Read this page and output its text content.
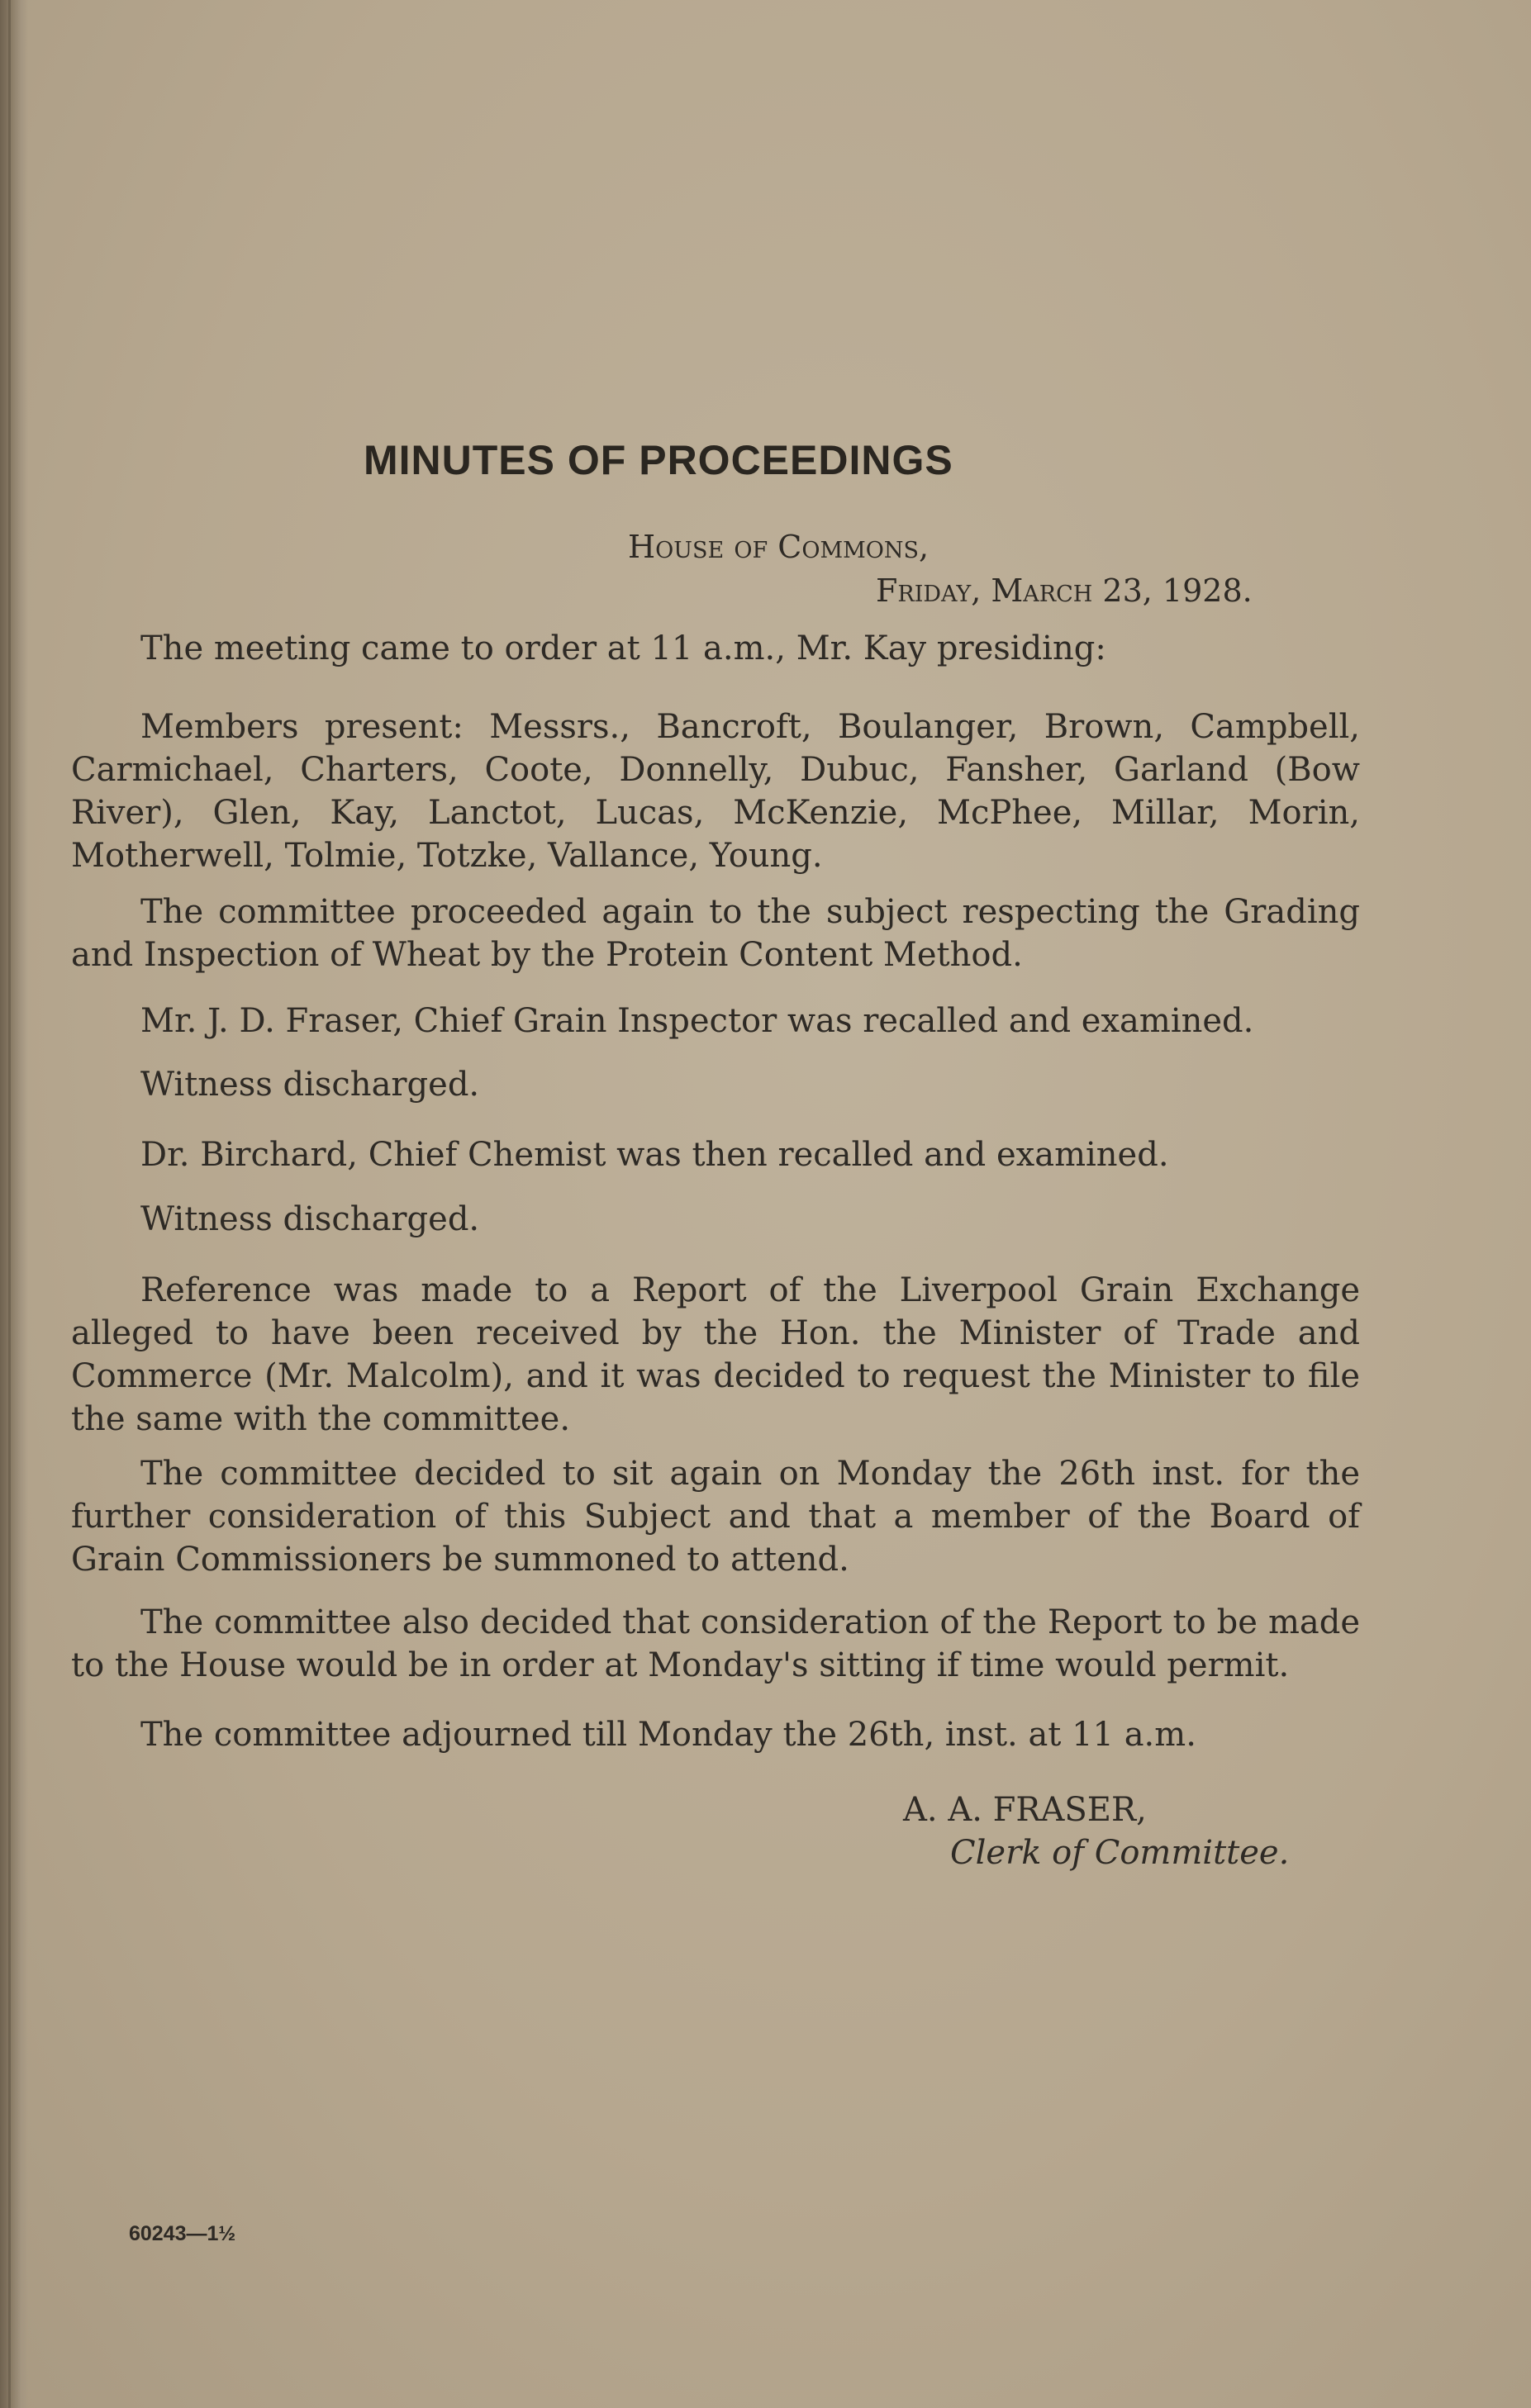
MINUTES OF PROCEEDINGS
House of Commons,
Friday, March 23, 1928.

The meeting came to order at 11 a.m., Mr. Kay presiding:

Members present: Messrs., Bancroft, Boulanger, Brown, Campbell, Carmichael, Charters, Coote, Donnelly, Dubuc, Fansher, Garland (Bow River), Glen, Kay, Lanctot, Lucas, McKenzie, McPhee, Millar, Morin, Motherwell, Tolmie, Totzke, Vallance, Young.

The committee proceeded again to the subject respecting the Grading and Inspection of Wheat by the Protein Content Method.

Mr. J. D. Fraser, Chief Grain Inspector was recalled and examined.

Witness discharged.

Dr. Birchard, Chief Chemist was then recalled and examined.

Witness discharged.

Reference was made to a Report of the Liverpool Grain Exchange alleged to have been received by the Hon. the Minister of Trade and Commerce (Mr. Malcolm), and it was decided to request the Minister to file the same with the committee.

The committee decided to sit again on Monday the 26th inst. for the further consideration of this Subject and that a member of the Board of Grain Commissioners be summoned to attend.

The committee also decided that consideration of the Report to be made to the House would be in order at Monday's sitting if time would permit.

The committee adjourned till Monday the 26th, inst. at 11 a.m.

A. A. FRASER,
Clerk of Committee.
60243—1½
